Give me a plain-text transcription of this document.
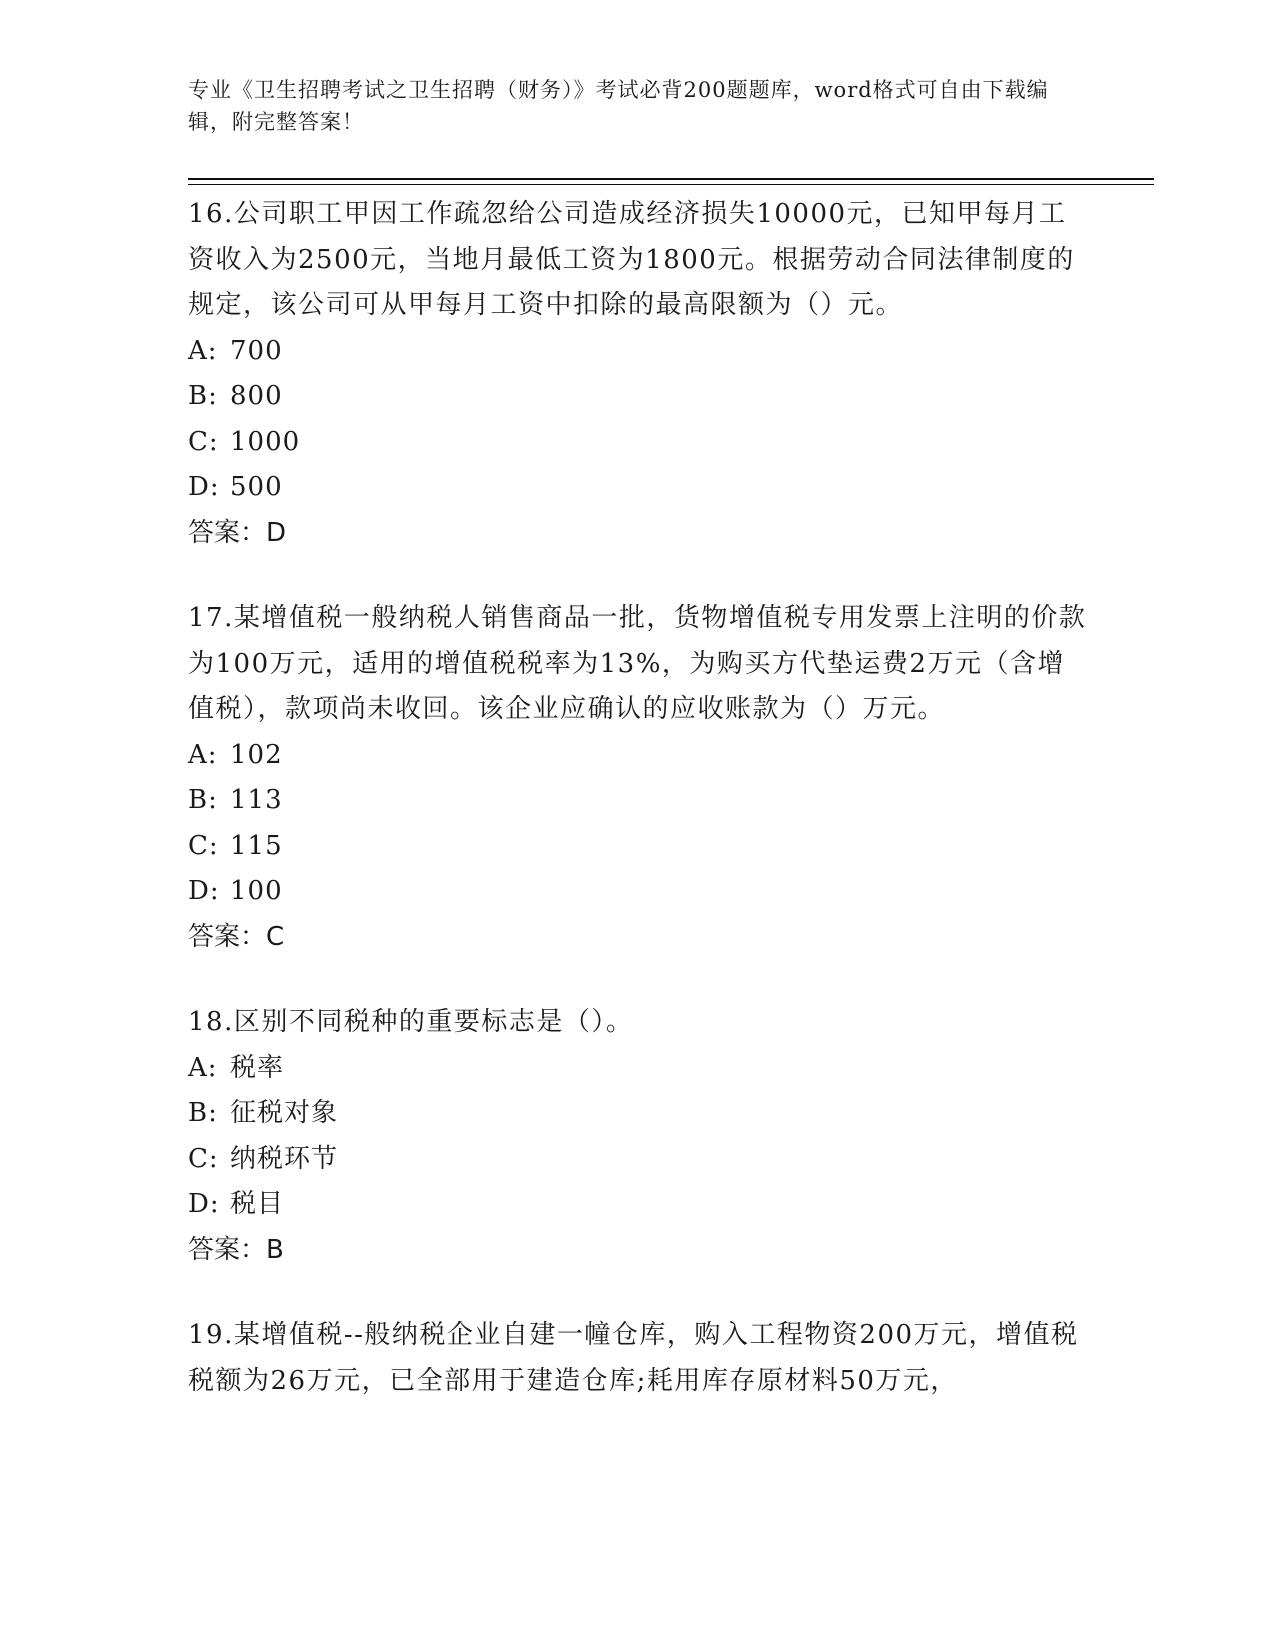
专业《卫生招聘考试之卫生招聘（财务）》考试必背200题题库，word格式可自由下载编辑，附完整答案！

16.公司职工甲因工作疏忽给公司造成经济损失10000元，已知甲每月工资收入为2500元，当地月最低工资为1800元。根据劳动合同法律制度的规定，该公司可从甲每月工资中扣除的最高限额为（）元。

A: 700

B: 800

C: 1000

D: 500

答案：D

17.某增值税一般纳税人销售商品一批，货物增值税专用发票上注明的价款为100万元，适用的增值税税率为13%，为购买方代垫运费2万元（含增值税），款项尚未收回。该企业应确认的应收账款为（）万元。

A: 102

B: 113

C: 115

D: 100

答案：C

18.区别不同税种的重要标志是（）。

A: 税率

B: 征税对象

C: 纳税环节

D: 税目

答案：B

19.某增值税--般纳税企业自建一幢仓库，购入工程物资200万元，增值税税额为26万元，已全部用于建造仓库;耗用库存原材料50万元，
